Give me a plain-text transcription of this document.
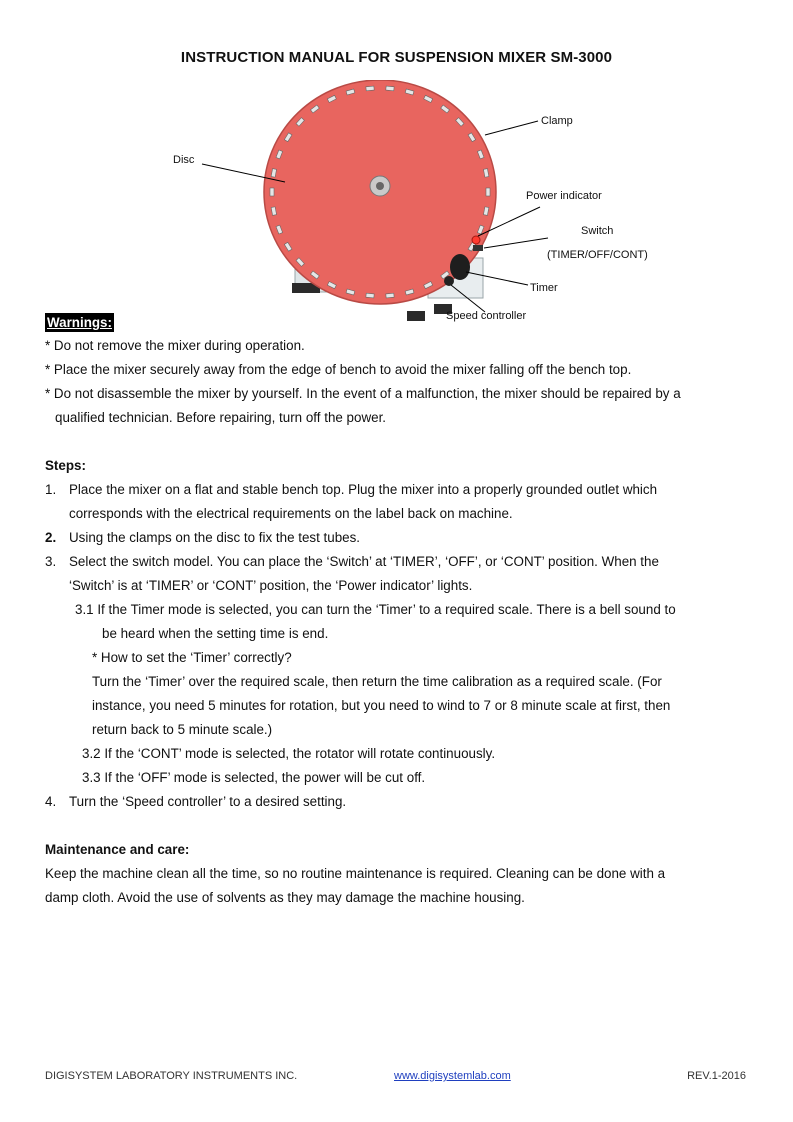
INSTRUCTION MANUAL FOR SUSPENSION MIXER SM-3000
Clamp
Disc
Power indicator
Switch
(TIMER/OFF/CONT)
Timer
Speed controller
Warnings:
* Do not remove the mixer during operation.
* Place the mixer securely away from the edge of bench to avoid the mixer falling off the bench top.
* Do not disassemble the mixer by yourself. In the event of a malfunction, the mixer should be repaired by a
qualified technician. Before repairing, turn off the power.
Steps:
1. Place the mixer on a flat and stable bench top. Plug the mixer into a properly grounded outlet which
corresponds with the electrical requirements on the label back on machine.
2. Using the clamps on the disc to fix the test tubes.
3. Select the switch model. You can place the ‘Switch’ at ‘TIMER’, ‘OFF’, or ‘CONT’ position. When the
‘Switch’ is at ‘TIMER’ or ‘CONT’ position, the ‘Power indicator’ lights.
3.1 If the Timer mode is selected, you can turn the ‘Timer’ to a required scale. There is a bell sound to
be heard when the setting time is end.
* How to set the ‘Timer’ correctly?
Turn the ‘Timer’ over the required scale, then return the time calibration as a required scale. (For
instance, you need 5 minutes for rotation, but you need to wind to 7 or 8 minute scale at first, then
return back to 5 minute scale.)
3.2 If the ‘CONT’ mode is selected, the rotator will rotate continuously.
3.3 If the ‘OFF’ mode is selected, the power will be cut off.
4. Turn the ‘Speed controller’ to a desired setting.
Maintenance and care:
Keep the machine clean all the time, so no routine maintenance is required. Cleaning can be done with a
damp cloth. Avoid the use of solvents as they may damage the machine housing.
DIGISYSTEM LABORATORY INSTRUMENTS INC.	www.digisystemlab.com	REV.1-2016
